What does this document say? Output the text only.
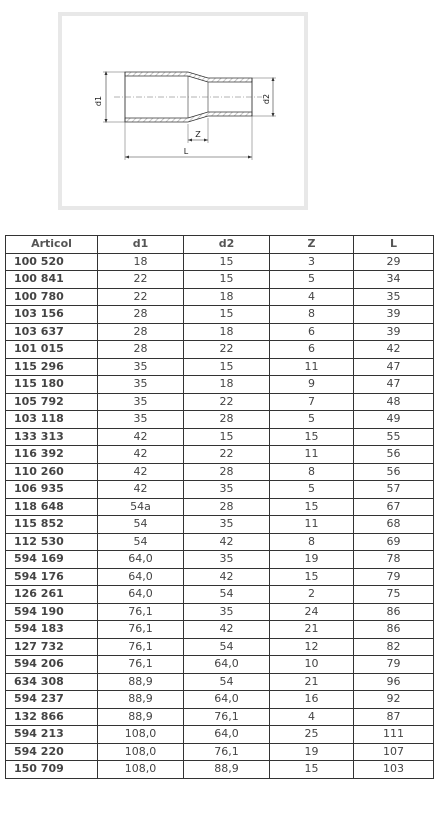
d1	d2
Z
L
Articol	d1	d2	Z	L
100 520	18	15	3	29
100 841	22	15	5	34
100 780	22	18	4	35
103 156	28	15	8	39
103 637	28	18	6	39
101 015	28	22	6	42
115 296	35	15	11	47
115 180	35	18	9	47
105 792	35	22	7	48
103 118	35	28	5	49
133 313	42	15	15	55
116 392	42	22	11	56
110 260	42	28	8	56
106 935	42	35	5	57
118 648	54a	28	15	67
115 852	54	35	11	68
112 530	54	42	8	69
594 169	64,0	35	19	78
594 176	64,0	42	15	79
126 261	64,0	54	2	75
594 190	76,1	35	24	86
594 183	76,1	42	21	86
127 732	76,1	54	12	82
594 206	76,1	64,0	10	79
634 308	88,9	54	21	96
594 237	88,9	64,0	16	92
132 866	88,9	76,1	4	87
594 213	108,0	64,0	25	111
594 220	108,0	76,1	19	107
150 709	108,0	88,9	15	103
